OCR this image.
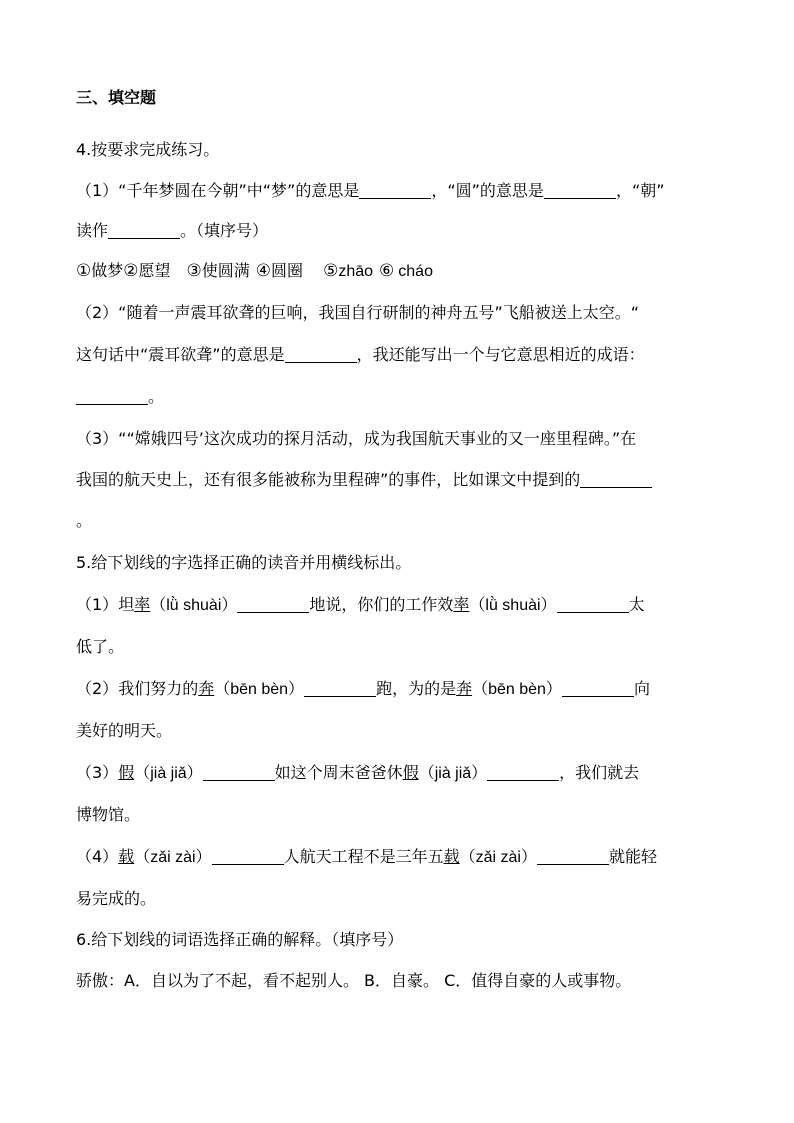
三、填空题
4.按要求完成练习。
（1）“千年梦圆在今朝”中“梦”的意思是	，“圆”的意思是	，“朝”
读作	。（填序号）
①做梦②愿望 ③使圆满 ④圆圈 ⑤zhāo ⑥ cháo
（2）“随着一声震耳欲聋的巨响，我国自行研制的神舟五号”飞船被送上太空。“
这句话中“震耳欲聋”的意思是	，我还能写出一个与它意思相近的成语：
。
（3）““嫦娥四号’这次成功的探月活动，成为我国航天事业的又一座里程碑。”在
我国的航天史上，还有很多能被称为里程碑”的事件，比如课文中提到的
。
5.给下划线的字选择正确的读音并用横线标出。
（1）坦率（lǜ shuài）	地说，你们的工作效率（lǜ shuài）	太
低了。
（2）我们努力的奔（bēn bèn）	跑，为的是奔（bēn bèn）	向
美好的明天。
（3）假（jià jiǎ）	如这个周末爸爸休假（jià jiǎ）	，我们就去
博物馆。
（4）载（zǎi zài）	人航天工程不是三年五载（zǎi zài）	就能轻
易完成的。
6.给下划线的词语选择正确的解释。（填序号）
骄傲：A．自以为了不起，看不起别人。 B．自豪。 C．值得自豪的人或事物。
